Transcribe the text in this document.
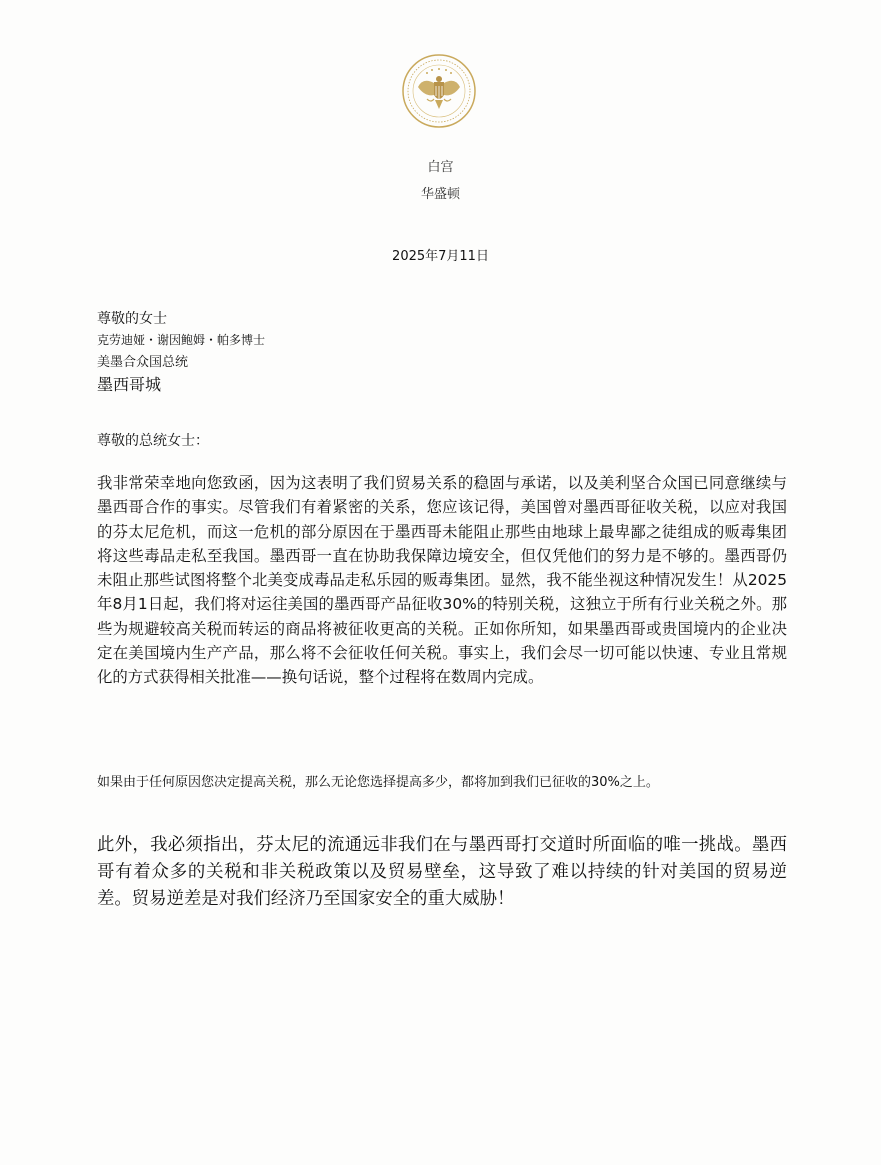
白宫
华盛顿
2025年7月11日
尊敬的女士
克劳迪娅・谢因鲍姆・帕多博士
美墨合众国总统
墨西哥城
尊敬的总统女士：
我非常荣幸地向您致函，因为这表明了我们贸易关系的稳固与承诺，以及美利坚合众国已同意继续与墨西哥合作的事实。尽管我们有着紧密的关系，您应该记得，美国曾对墨西哥征收关税，以应对我国的芬太尼危机，而这一危机的部分原因在于墨西哥未能阻止那些由地球上最卑鄙之徒组成的贩毒集团将这些毒品走私至我国。墨西哥一直在协助我保障边境安全，但仅凭他们的努力是不够的。墨西哥仍未阻止那些试图将整个北美变成毒品走私乐园的贩毒集团。显然，我不能坐视这种情况发生！从2025年8月1日起，我们将对运往美国的墨西哥产品征收30%的特别关税，这独立于所有行业关税之外。那些为规避较高关税而转运的商品将被征收更高的关税。正如你所知，如果墨西哥或贵国境内的企业决定在美国境内生产产品，那么将不会征收任何关税。事实上，我们会尽一切可能以快速、专业且常规化的方式获得相关批准——换句话说，整个过程将在数周内完成。
如果由于任何原因您决定提高关税，那么无论您选择提高多少，都将加到我们已征收的30%之上。
此外，我必须指出，芬太尼的流通远非我们在与墨西哥打交道时所面临的唯一挑战。墨西哥有着众多的关税和非关税政策以及贸易壁垒，这导致了难以持续的针对美国的贸易逆差。贸易逆差是对我们经济乃至国家安全的重大威胁！
